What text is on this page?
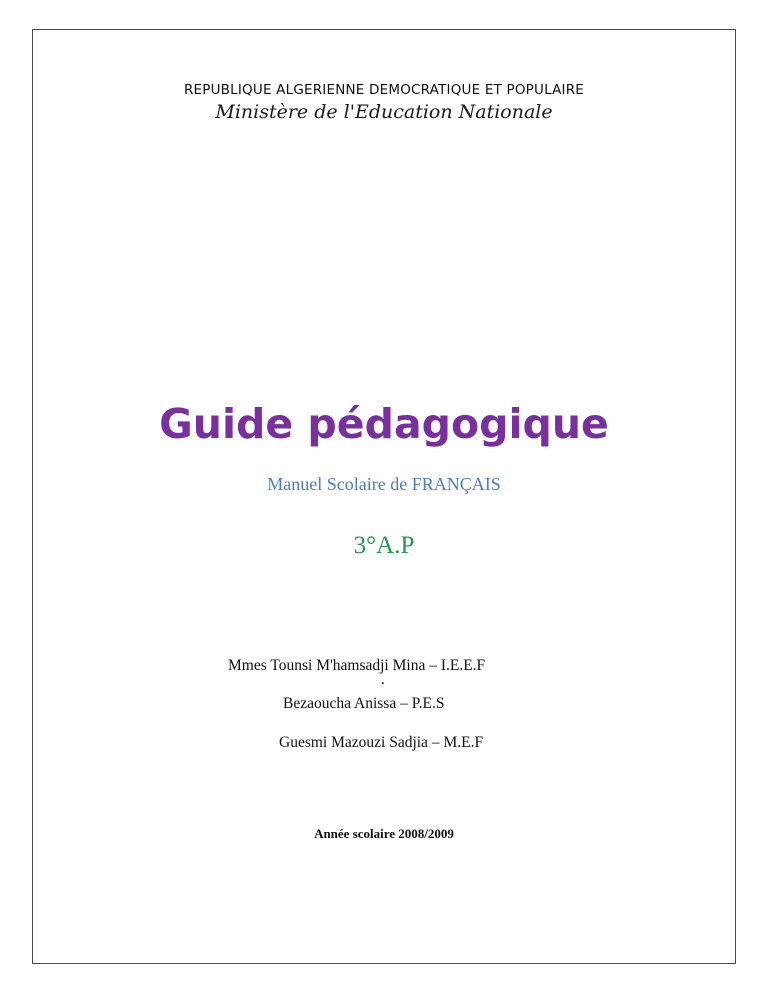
REPUBLIQUE ALGERIENNE DEMOCRATIQUE ET POPULAIRE
Ministère de l'Education Nationale
Guide pédagogique
Manuel Scolaire de FRANÇAIS
3°A.P
Mmes Tounsi M'hamsadji Mina – I.E.E.F
.
Bezaoucha Anissa – P.E.S
Guesmi Mazouzi Sadjia – M.E.F
Année scolaire 2008/2009
